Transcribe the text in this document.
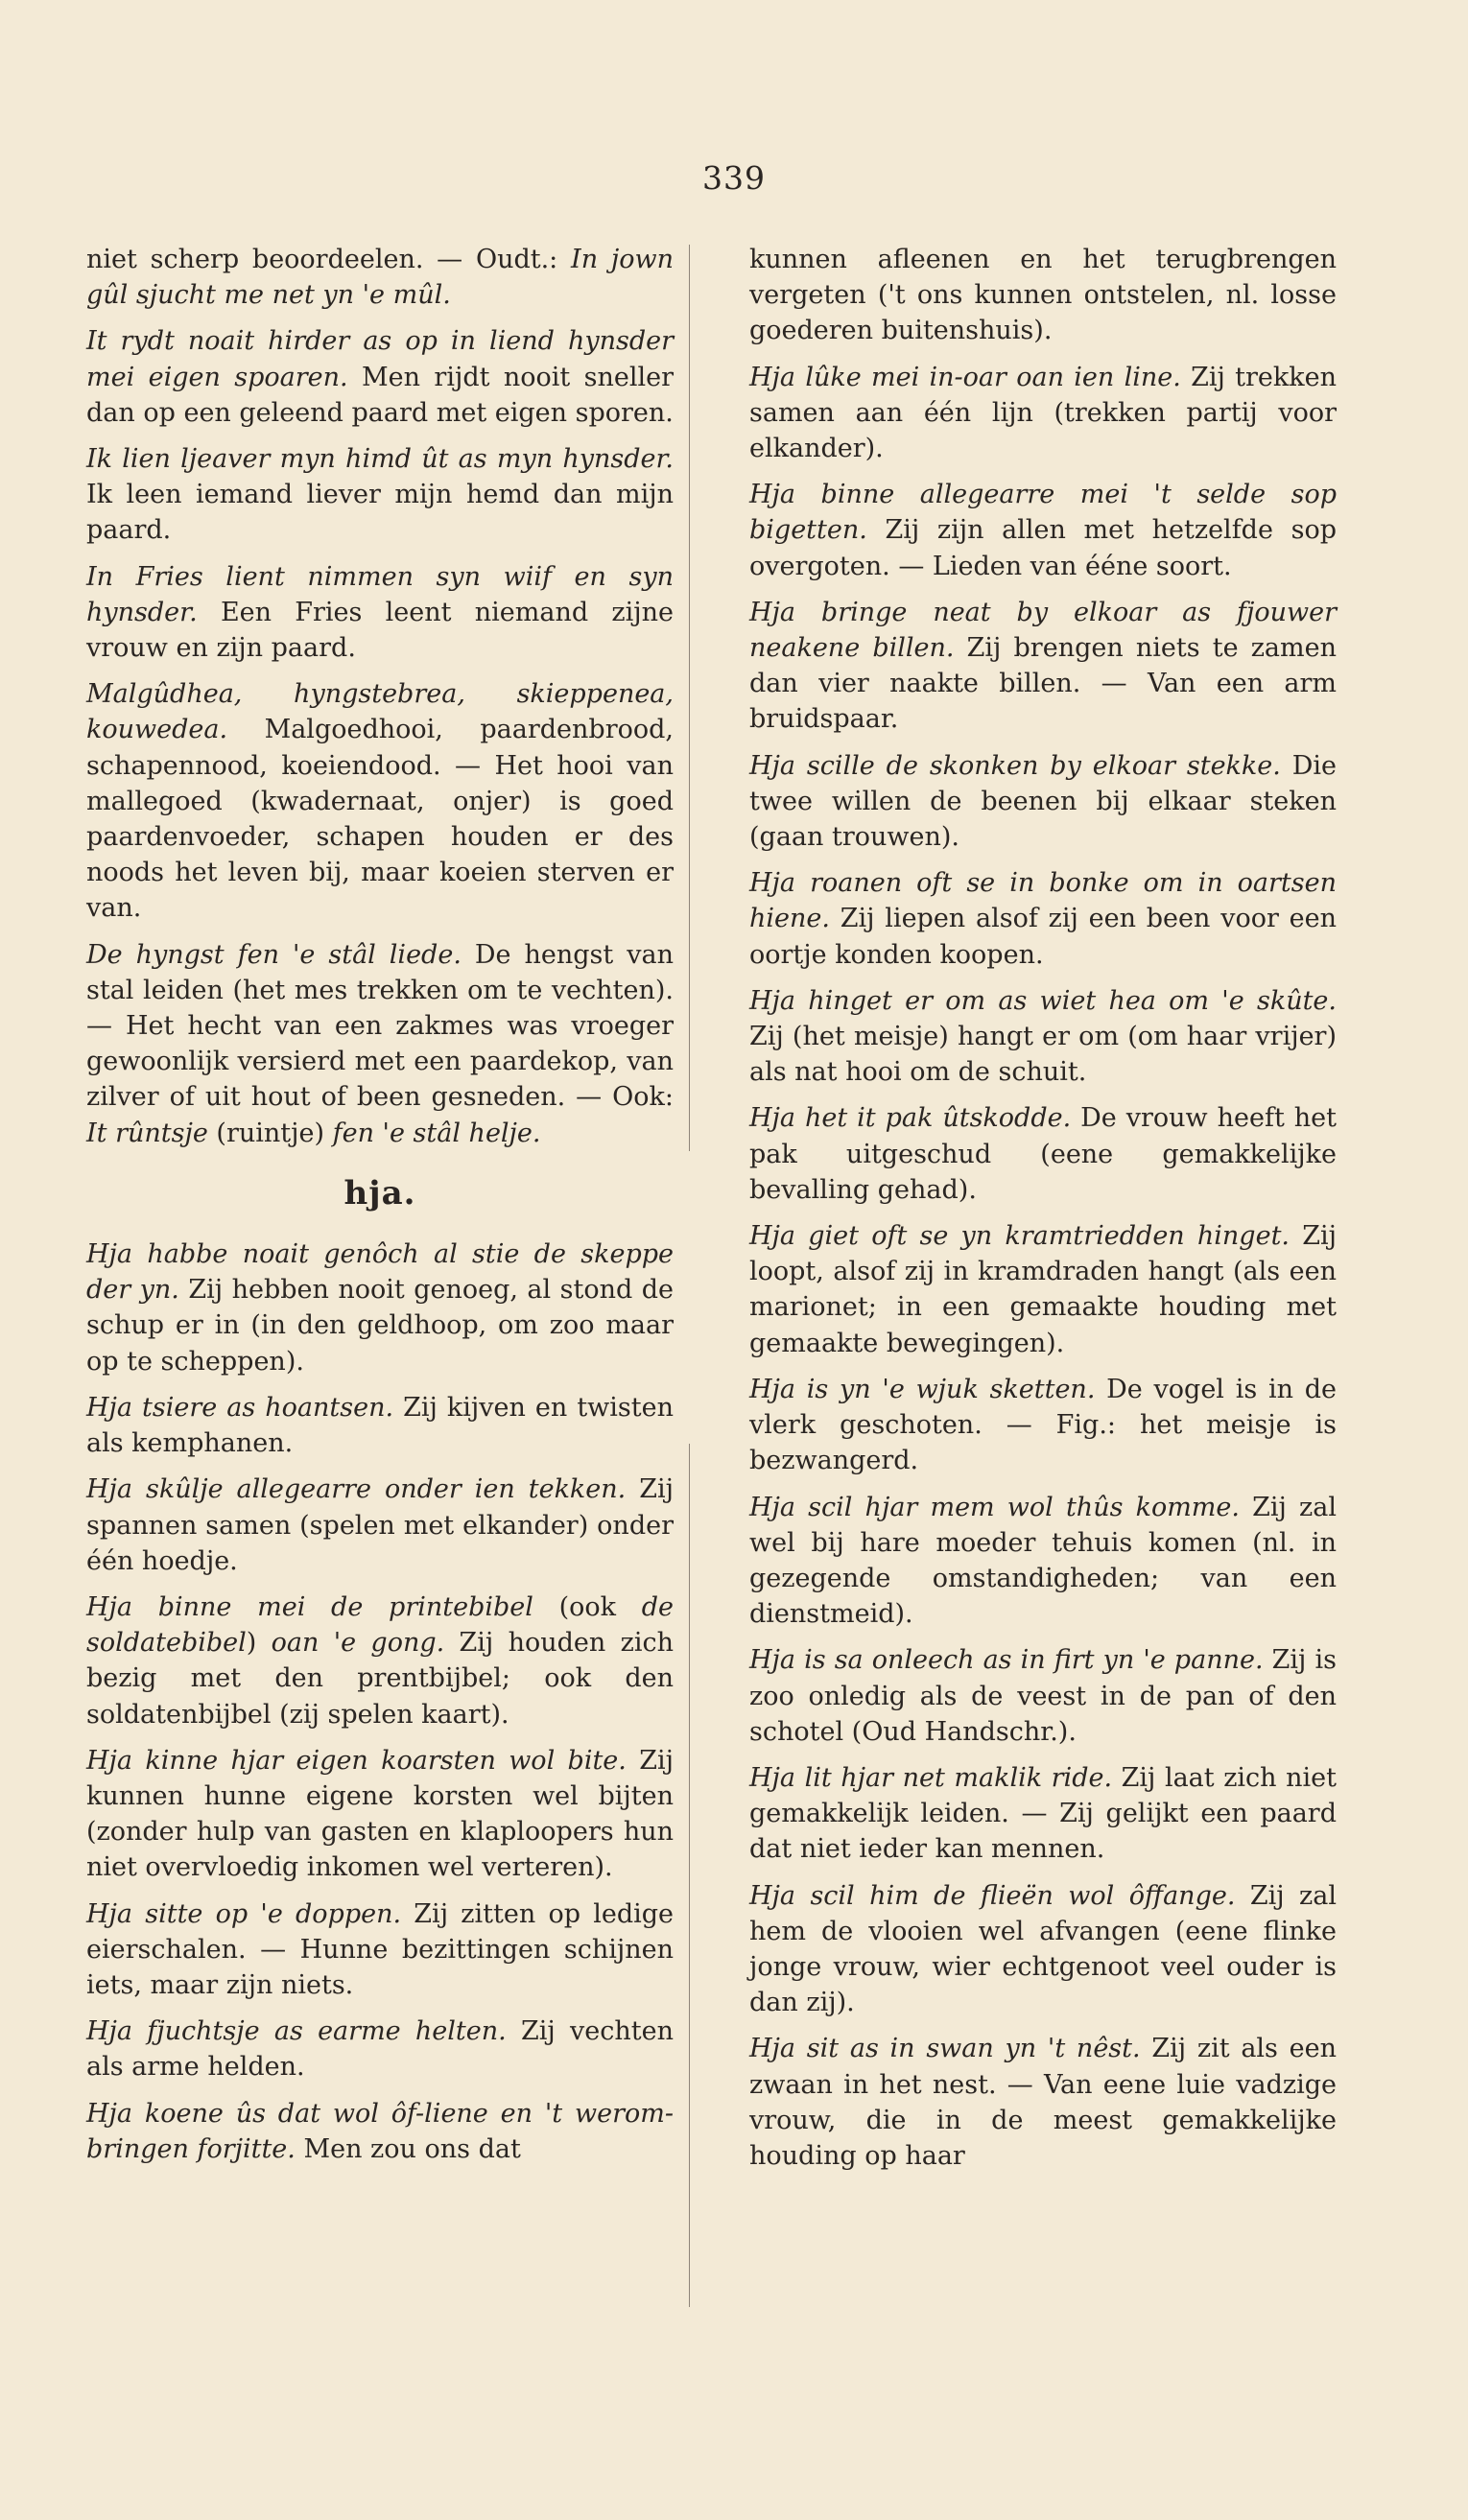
339

niet scherp beoordeelen. — Oudt.: In jown gûl sjucht me net yn 'e mûl.

It rydt noait hirder as op in liend hynsder mei eigen spoaren. Men rijdt nooit sneller dan op een geleend paard met eigen sporen.

Ik lien ljeaver myn himd ût as myn hynsder. Ik leen iemand liever mijn hemd dan mijn paard.

In Fries lient nimmen syn wiif en syn hynsder. Een Fries leent niemand zijne vrouw en zijn paard.

Malgûdhea, hyngstebrea, skieppenea, kouwedea. Malgoedhooi, paardenbrood, schapennood, koeiendood. — Het hooi van mallegoed (kwadernaat, onjer) is goed paardenvoeder, schapen houden er des noods het leven bij, maar koeien sterven er van.

De hyngst fen 'e stâl liede. De hengst van stal leiden (het mes trekken om te vechten). — Het hecht van een zakmes was vroeger gewoonlijk versierd met een paardekop, van zilver of uit hout of been gesneden. — Ook: It rûntsje (ruintje) fen 'e stâl helje.

hja.

Hja habbe noait genôch al stie de skeppe der yn. Zij hebben nooit genoeg, al stond de schup er in (in den geldhoop, om zoo maar op te scheppen).

Hja tsiere as hoantsen. Zij kijven en twisten als kemphanen.

Hja skûlje allegearre onder ien tekken. Zij spannen samen (spelen met elkander) onder één hoedje.

Hja binne mei de printebibel (ook de soldatebibel) oan 'e gong. Zij houden zich bezig met den prentbijbel; ook den soldatenbijbel (zij spelen kaart).

Hja kinne hjar eigen koarsten wol bite. Zij kunnen hunne eigene korsten wel bijten (zonder hulp van gasten en klaploopers hun niet overvloedig inkomen wel verteren).

Hja sitte op 'e doppen. Zij zitten op ledige eierschalen. — Hunne bezittingen schijnen iets, maar zijn niets.

Hja fjuchtsje as earme helten. Zij vechten als arme helden.

Hja koene ûs dat wol ôf-liene en 't werom- bringen forjitte. Men zou ons dat

kunnen afleenen en het terugbrengen vergeten ('t ons kunnen ontstelen, nl. losse goederen buitenshuis).

Hja lûke mei in-oar oan ien line. Zij trekken samen aan één lijn (trekken partij voor elkander).

Hja binne allegearre mei 't selde sop bigetten. Zij zijn allen met hetzelfde sop overgoten. — Lieden van ééne soort.

Hja bringe neat by elkoar as fjouwer neakene billen. Zij brengen niets te zamen dan vier naakte billen. — Van een arm bruidspaar.

Hja scille de skonken by elkoar stekke. Die twee willen de beenen bij elkaar steken (gaan trouwen).

Hja roanen oft se in bonke om in oartsen hiene. Zij liepen alsof zij een been voor een oortje konden koopen.

Hja hinget er om as wiet hea om 'e skûte. Zij (het meisje) hangt er om (om haar vrijer) als nat hooi om de schuit.

Hja het it pak ûtskodde. De vrouw heeft het pak uitgeschud (eene gemakkelijke bevalling gehad).

Hja giet oft se yn kramtriedden hinget. Zij loopt, alsof zij in kramdraden hangt (als een marionet; in een gemaakte houding met gemaakte bewegingen).

Hja is yn 'e wjuk sketten. De vogel is in de vlerk geschoten. — Fig.: het meisje is bezwangerd.

Hja scil hjar mem wol thûs komme. Zij zal wel bij hare moeder tehuis komen (nl. in gezegende omstandigheden; van een dienstmeid).

Hja is sa onleech as in firt yn 'e panne. Zij is zoo onledig als de veest in de pan of den schotel (Oud Handschr.).

Hja lit hjar net maklik ride. Zij laat zich niet gemakkelijk leiden. — Zij gelijkt een paard dat niet ieder kan mennen.

Hja scil him de flieën wol ôffange. Zij zal hem de vlooien wel afvangen (eene flinke jonge vrouw, wier echtgenoot veel ouder is dan zij).

Hja sit as in swan yn 't nêst. Zij zit als een zwaan in het nest. — Van eene luie vadzige vrouw, die in de meest gemakkelijke houding op haar
